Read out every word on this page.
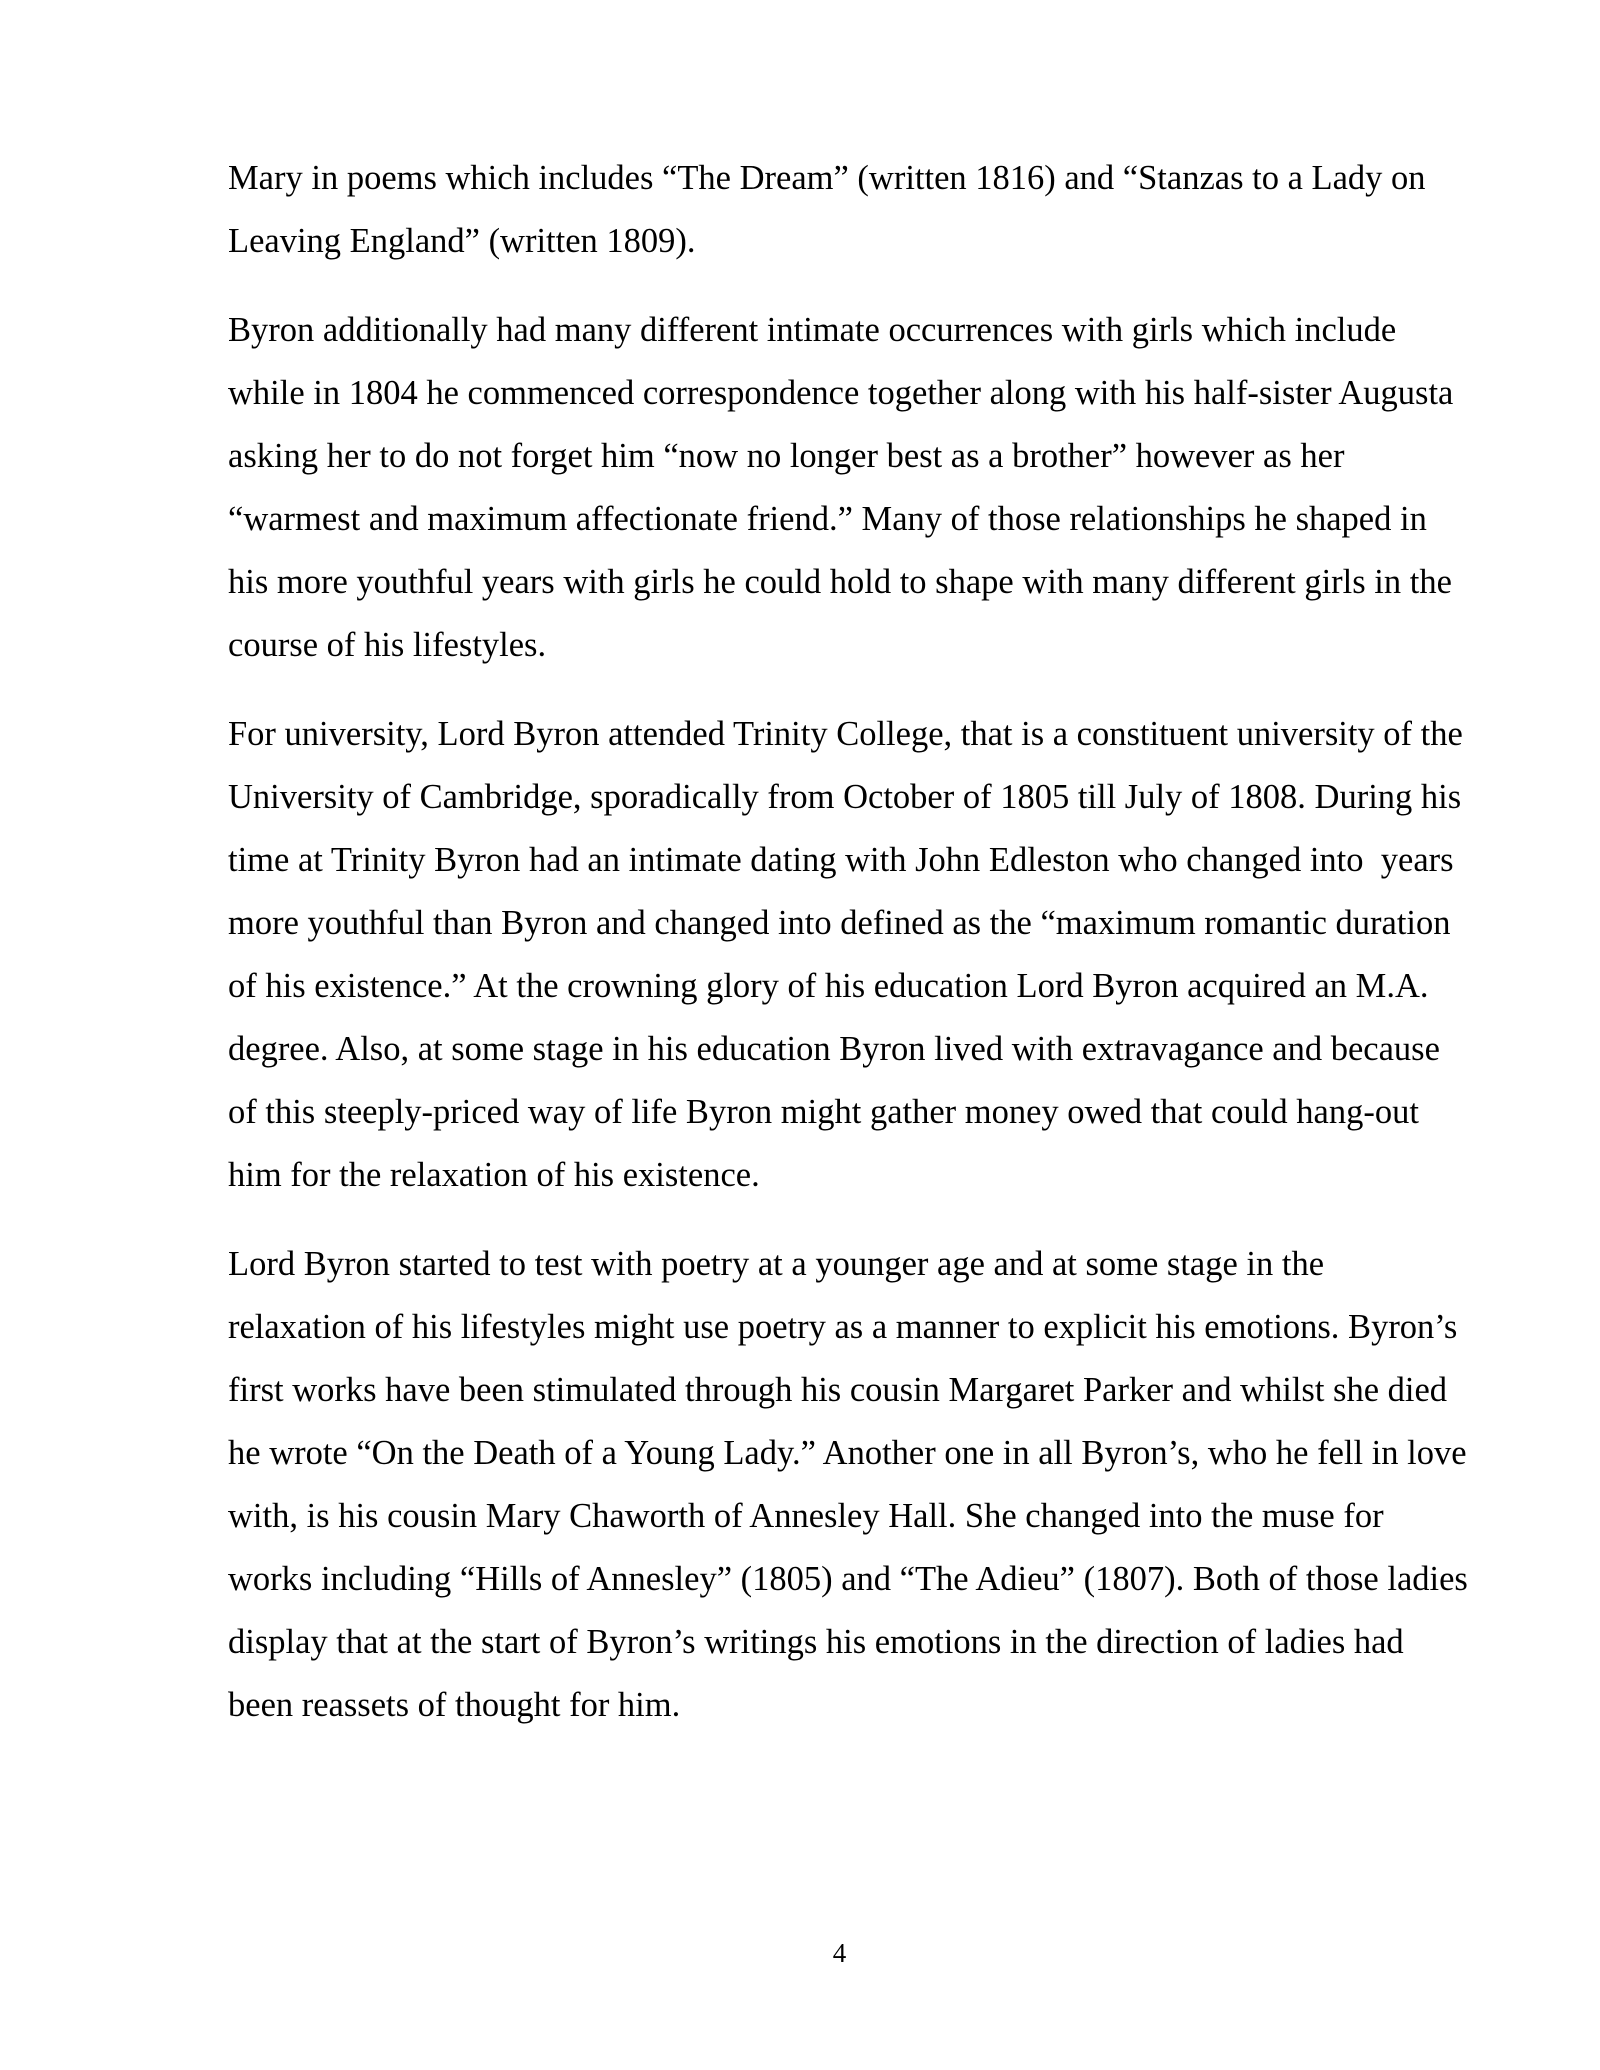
Mary in poems which includes “The Dream” (written 1816) and “Stanzas to a Lady on Leaving England” (written 1809).

Byron additionally had many different intimate occurrences with girls which include while in 1804 he commenced correspondence together along with his half-sister Augusta asking her to do not forget him “now no longer best as a brother” however as her “warmest and maximum affectionate friend.” Many of those relationships he shaped in his more youthful years with girls he could hold to shape with many different girls in the course of his lifestyles.

For university, Lord Byron attended Trinity College, that is a constituent university of the University of Cambridge, sporadically from October of 1805 till July of 1808. During his time at Trinity Byron had an intimate dating with John Edleston who changed into  years more youthful than Byron and changed into defined as the “maximum romantic duration of his existence.” At the crowning glory of his education Lord Byron acquired an M.A. degree. Also, at some stage in his education Byron lived with extravagance and because of this steeply-priced way of life Byron might gather money owed that could hang-out him for the relaxation of his existence.

Lord Byron started to test with poetry at a younger age and at some stage in the relaxation of his lifestyles might use poetry as a manner to explicit his emotions. Byron’s first works have been stimulated through his cousin Margaret Parker and whilst she died he wrote “On the Death of a Young Lady.” Another one in all Byron’s, who he fell in love with, is his cousin Mary Chaworth of Annesley Hall. She changed into the muse for works including “Hills of Annesley” (1805) and “The Adieu” (1807). Both of those ladies display that at the start of Byron’s writings his emotions in the direction of ladies had been reassets of thought for him.

4
